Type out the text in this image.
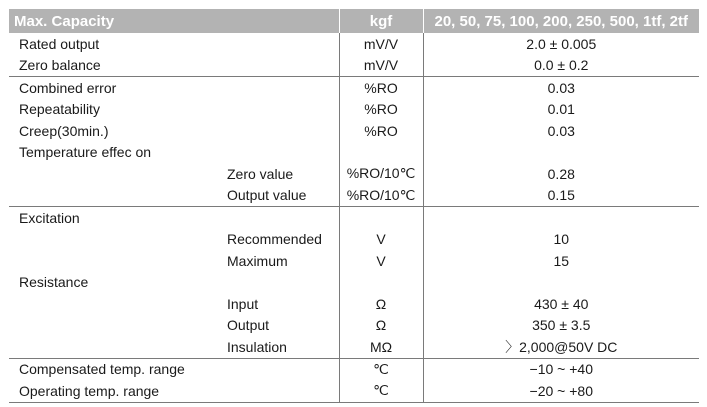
Max. Capacity		kgf	20, 50, 75, 100, 200, 250, 500, 1tf, 2tf
Rated output		mV/V	2.0 ± 0.005
Zero balance		mV/V	0.0 ± 0.2
Combined error		%RO	0.03
Repeatability		%RO	0.01
Creep(30min.)		%RO	0.03
Temperature effec on			
	Zero value	%RO/10℃	0.28
	Output value	%RO/10℃	0.15
Excitation			
	Recommended	V	10
	Maximum	V	15
Resistance			
	Input	Ω	430 ± 40
	Output	Ω	350 ± 3.5
	Insulation	MΩ	〉2,000@50V DC
Compensated temp. range		℃	−10 ~ +40
Operating temp. range		℃	−20 ~ +80
